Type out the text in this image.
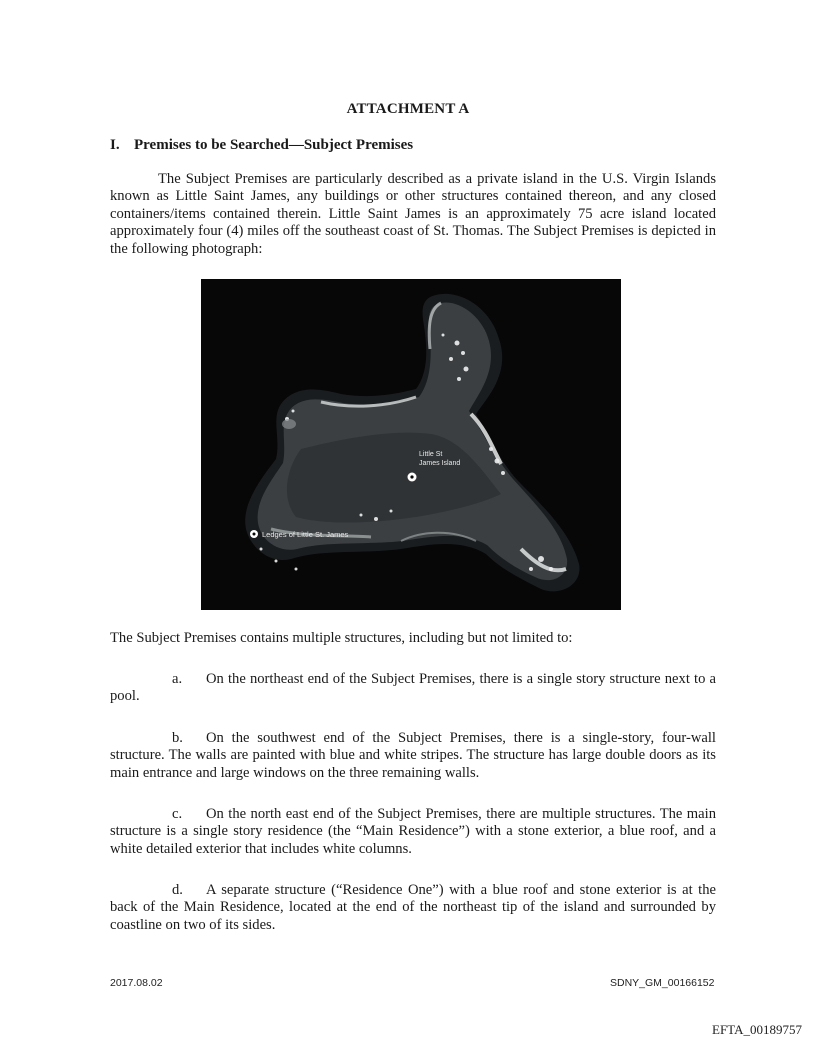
ATTACHMENT A
I. Premises to be Searched—Subject Premises
The Subject Premises are particularly described as a private island in the U.S. Virgin Islands known as Little Saint James, any buildings or other structures contained thereon, and any closed containers/items contained therein. Little Saint James is an approximately 75 acre island located approximately four (4) miles off the southeast coast of St. Thomas. The Subject Premises is depicted in the following photograph:
Little St
James Island
Ledges of Little St. James
The Subject Premises contains multiple structures, including but not limited to:
a. On the northeast end of the Subject Premises, there is a single story structure next to a pool.
b. On the southwest end of the Subject Premises, there is a single-story, four-wall structure. The walls are painted with blue and white stripes. The structure has large double doors as its main entrance and large windows on the three remaining walls.
c. On the north east end of the Subject Premises, there are multiple structures. The main structure is a single story residence (the “Main Residence”) with a stone exterior, a blue roof, and a white detailed exterior that includes white columns.
d. A separate structure (“Residence One”) with a blue roof and stone exterior is at the back of the Main Residence, located at the end of the northeast tip of the island and surrounded by coastline on two of its sides.
2017.08.02	SDNY_GM_00166152
EFTA_00189757
